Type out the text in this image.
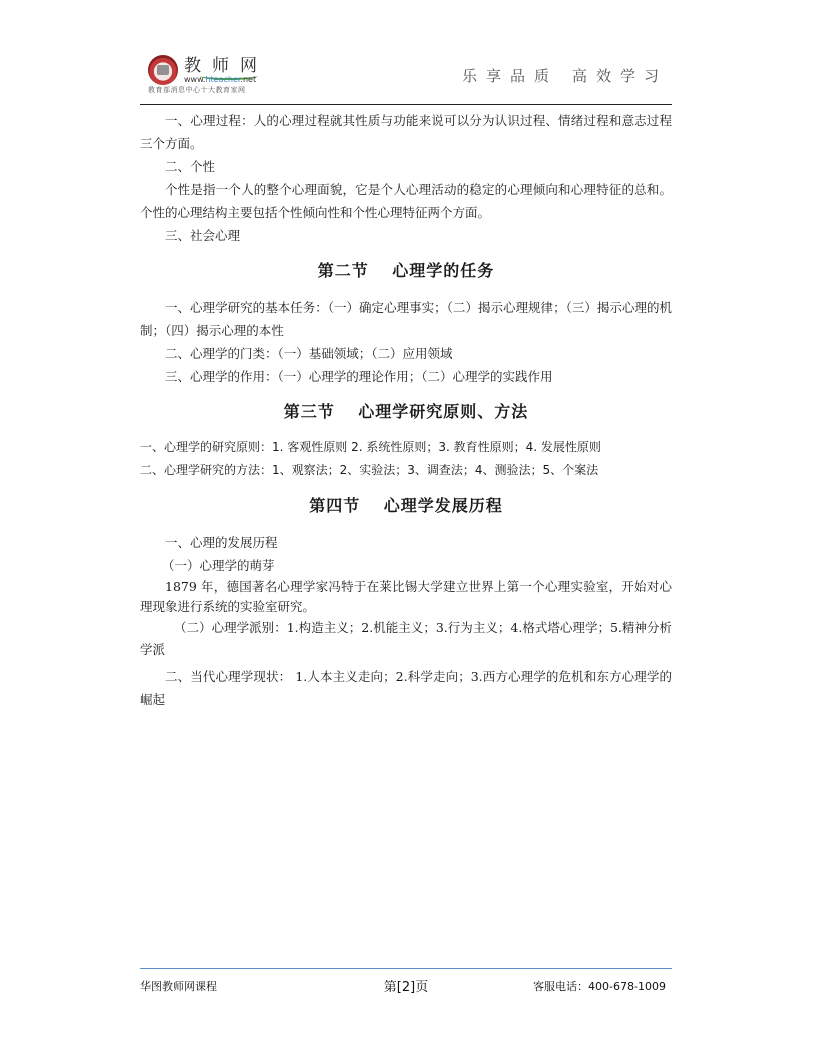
教师网
www.hteacher.net
教育部消息中心十大教育家网
乐享品质 高效学习

一、心理过程：人的心理过程就其性质与功能来说可以分为认识过程、情绪过程和意志过程三个方面。

二、个性

个性是指一个人的整个心理面貌，它是个人心理活动的稳定的心理倾向和心理特征的总和。个性的心理结构主要包括个性倾向性和个性心理特征两个方面。

三、社会心理

第二节　 心理学的任务

一、心理学研究的基本任务：（一）确定心理事实；（二）揭示心理规律；（三）揭示心理的机制；（四）揭示心理的本性

二、心理学的门类：（一）基础领域；（二）应用领域

三、心理学的作用：（一）心理学的理论作用；（二）心理学的实践作用

第三节　 心理学研究原则、方法

一、心理学的研究原则：1. 客观性原则 2. 系统性原则；3. 教育性原则；4. 发展性原则

二、心理学研究的方法：1、观察法；2、实验法；3、调查法；4、测验法；5、个案法

第四节　 心理学发展历程

一、心理的发展历程

（一）心理学的萌芽

1879 年，德国著名心理学家冯特于在莱比锡大学建立世界上第一个心理实验室，开始对心理现象进行系统的实验室研究。

（二）心理学派别：1.构造主义；2.机能主义；3.行为主义；4.格式塔心理学；5.精神分析学派

二、当代心理学现状： 1.人本主义走向；2.科学走向；3.西方心理学的危机和东方心理学的崛起

华图教师网课程	第[2]页	客服电话：400-678-1009
